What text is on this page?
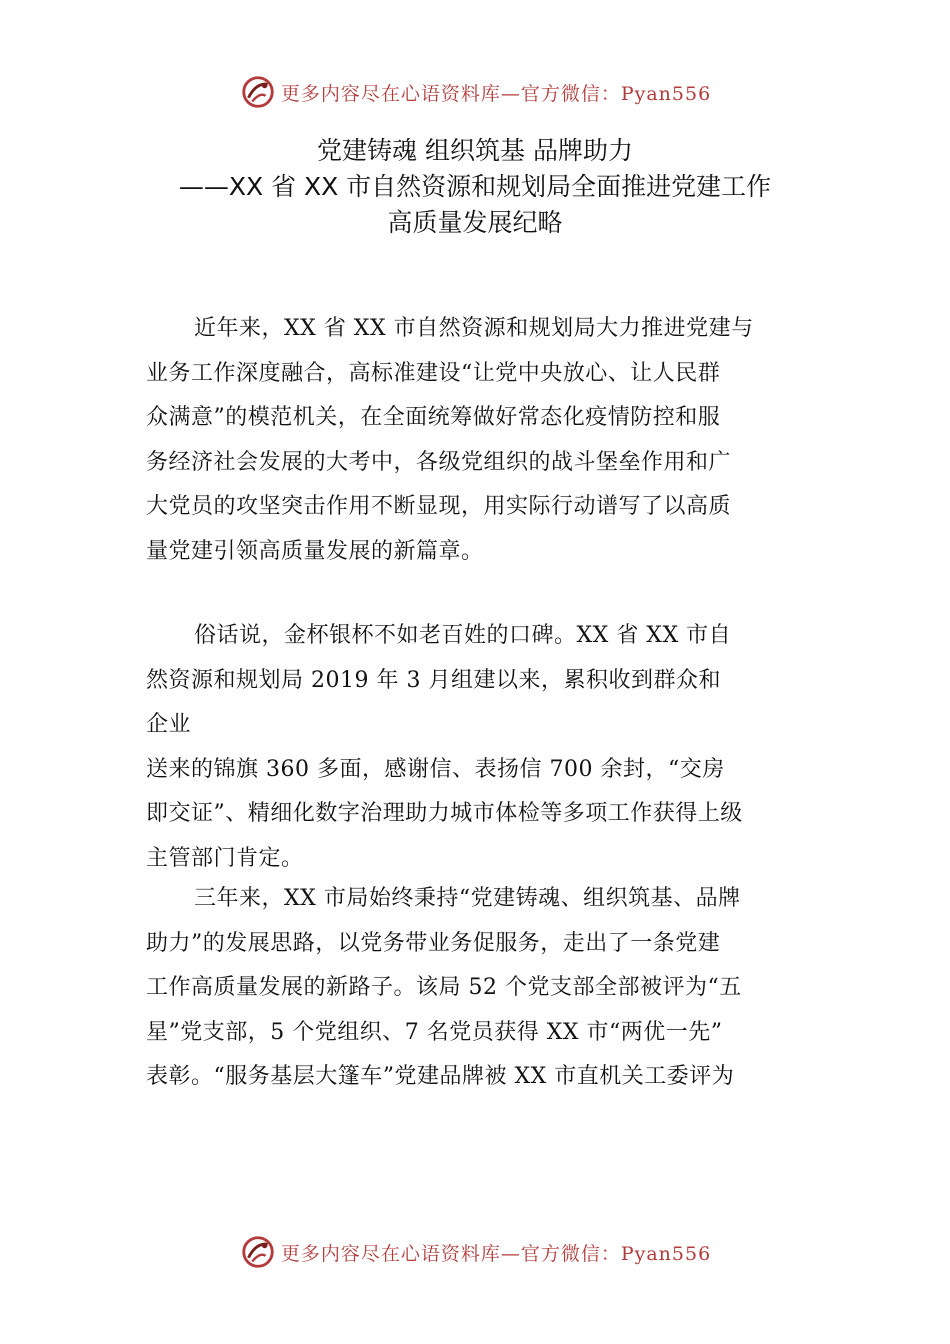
更多内容尽在心语资料库—官方微信：Pyan556
党建铸魂 组织筑基 品牌助力
——XX 省 XX 市自然资源和规划局全面推进党建工作
高质量发展纪略
近年来，XX 省 XX 市自然资源和规划局大力推进党建与
业务工作深度融合，高标准建设“让党中央放心、让人民群
众满意”的模范机关，在全面统筹做好常态化疫情防控和服
务经济社会发展的大考中，各级党组织的战斗堡垒作用和广
大党员的攻坚突击作用不断显现，用实际行动谱写了以高质
量党建引领高质量发展的新篇章。
俗话说，金杯银杯不如老百姓的口碑。XX 省 XX 市自
然资源和规划局 2019 年 3 月组建以来，累积收到群众和
企业
送来的锦旗 360 多面，感谢信、表扬信 700 余封，“交房
即交证”、精细化数字治理助力城市体检等多项工作获得上级
主管部门肯定。
三年来，XX 市局始终秉持“党建铸魂、组织筑基、品牌
助力”的发展思路，以党务带业务促服务，走出了一条党建
工作高质量发展的新路子。该局 52 个党支部全部被评为“五
星”党支部，5 个党组织、7 名党员获得 XX 市“两优一先”
表彰。“服务基层大篷车”党建品牌被 XX 市直机关工委评为
更多内容尽在心语资料库—官方微信：Pyan556
